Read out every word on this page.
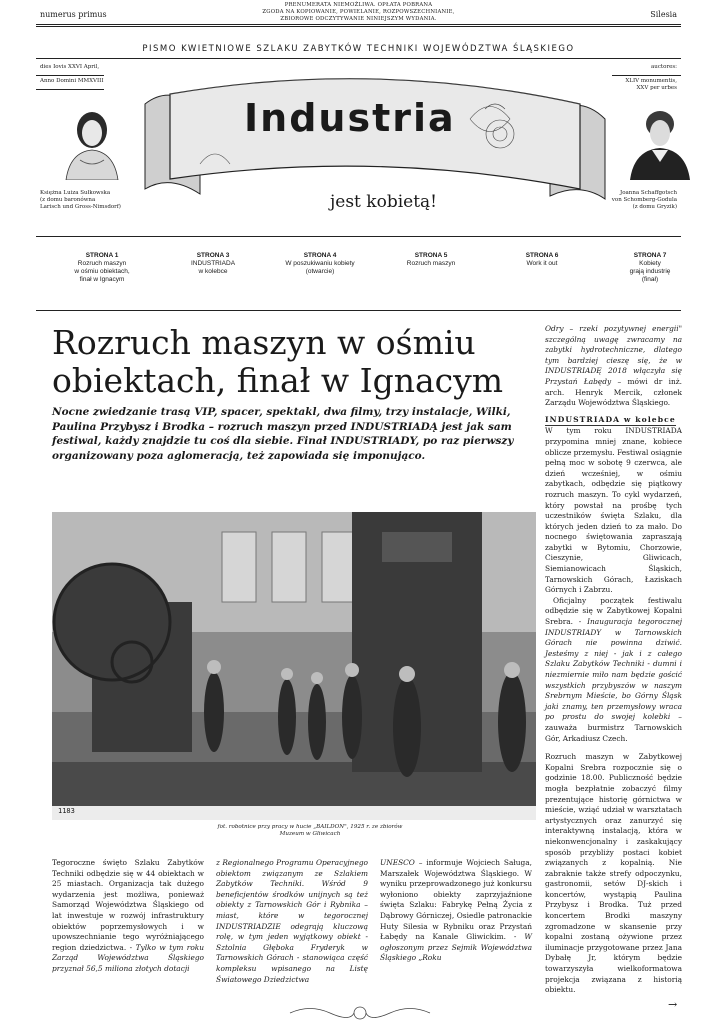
numerus primus	Silesia
PRENUMERATA NIEMOŻLIWA. OPŁATA POBRANA
ZGODA NA KOPIOWANIE, POWIELANIE, ROZPOWSZECHNIANIE,
ZBIOROWE ODCZYTYWANIE NINIEJSZYM WYDANIA.
PISMO KWIETNIOWE SZLAKU ZABYTKÓW TECHNIKI WOJEWÓDZTWA ŚLĄSKIEGO
dies Iovis XXVI April,
Anno Domini MMXVIII
auctores:
XLIV monumentis,
XXV per urbes
Księżna Luiza Sułkowska
(z domu baronówna
Larisch und Gross-Nimsdorf)
Joanna Schaffgotsch
von Schomberg-Godula
(z domu Gryzik)
Industria
jest kobietą!
STRONA 1
Rozruch maszyn
w ośmiu obiektach,
finał w Ignacym
STRONA 3
INDUSTRIADA
w kolebce
STRONA 4
W poszukiwaniu kobiety
(otwarcie)
STRONA 5
Rozruch maszyn
STRONA 6
Work it out
STRONA 7
Kobiety
grają industrię
(finał)
Rozruch maszyn w ośmiu obiektach, finał w Ignacym
Nocne zwiedzanie trasą VIP, spacer, spektakl, dwa filmy, trzy instalacje, Wilki, Paulina Przybysz i Brodka – rozruch maszyn przed INDUSTRIADĄ jest jak sam festiwal, każdy znajdzie tu coś dla siebie. Finał INDUSTRIADY, po raz pierwszy organizowany poza aglomeracją, też zapowiada się imponująco.
1183
fot. robotnice przy pracy w hucie „BAILDON", 1925 r. ze zbiorów Muzeum w Gliwicach
Tegoroczne święto Szlaku Zabytków Techniki odbędzie się w 44 obiektach w 25 miastach. Organizacja tak dużego wydarzenia jest możliwa, ponieważ Samorząd Województwa Śląskiego od lat inwestuje w rozwój infrastruktury obiektów poprzemysłowych i w upowszechnianie tego wyróżniającego region dziedzictwa. - Tylko w tym roku Zarząd Województwa Śląskiego przyznał 56,5 miliona złotych dotacji
z Regionalnego Programu Operacyjnego obiektom związanym ze Szlakiem Zabytków Techniki. Wśród 9 beneficjentów środków unijnych są też obiekty z Tarnowskich Gór i Rybnika – miast, które w tegorocznej INDUSTRIADZIE odegrają kluczową rolę, w tym jeden wyjątkowy obiekt - Sztolnia Głęboka Fryderyk w Tarnowskich Górach - stanowiąca część kompleksu wpisanego na Listę Światowego Dziedzictwa
UNESCO – informuje Wojciech Saługa, Marszałek Województwa Śląskiego. W wyniku przeprowadzonego już konkursu wyłoniono obiekty zaprzyjaźnione święta Szlaku: Fabrykę Pełną Życia z Dąbrowy Górniczej, Osiedle patronackie Huty Silesia w Rybniku oraz Przystań Łabędy na Kanale Gliwickim. - W ogłoszonym przez Sejmik Województwa Śląskiego „Roku
Odry – rzeki pozytywnej energii" szczególną uwagę zwracamy na zabytki hydrotechniczne, dlatego tym bardziej cieszę się, że w INDUSTRIADĘ 2018 włączyła się Przystań Łabędy – mówi dr inż. arch. Henryk Mercik, członek Zarządu Województwa Śląskiego.
INDUSTRIADA w kolebce
W tym roku INDUSTRIADA przypomina mniej znane, kobiece oblicze przemysłu. Festiwal osiągnie pełną moc w sobotę 9 czerwca, ale dzień wcześniej, w ośmiu zabytkach, odbędzie się piątkowy rozruch maszyn. To cykl wydarzeń, który powstał na prośbę tych uczestników święta Szlaku, dla których jeden dzień to za mało. Do nocnego świętowania zapraszają zabytki w Bytomiu, Chorzowie, Cieszynie, Gliwicach, Siemianowicach Śląskich, Tarnowskich Górach, Łaziskach Górnych i Zabrzu.
Oficjalny początek festiwalu odbędzie się w Zabytkowej Kopalni Srebra. - Inauguracja tegorocznej INDUSTRIADY w Tarnowskich Górach nie powinna dziwić. Jesteśmy z niej - jak i z całego Szlaku Zabytków Techniki - dumni i niezmiernie miło nam będzie gościć wszystkich przybyszów w naszym Srebrnym Mieście, bo Górny Śląsk jaki znamy, ten przemysłowy wraca po prostu do swojej kolebki – zauważa burmistrz Tarnowskich Gór, Arkadiusz Czech.
Rozruch maszyn w Zabytkowej Kopalni Srebra rozpocznie się o godzinie 18.00. Publiczność będzie mogła bezpłatnie zobaczyć filmy prezentujące historię górnictwa w mieście, wziąć udział w warsztatach artystycznych oraz zanurzyć się interaktywną instalacją, która w niekonwencjonalny i zaskakujący sposób przybliży postaci kobiet związanych z kopalnią. Nie zabraknie także strefy odpoczynku, gastronomii, setów DJ-skich i koncertów, wystąpią Paulina Przybysz i Brodka. Tuż przed koncertem Brodki maszyny zgromadzone w skansenie przy kopalni zostaną ożywione przez iluminacje przygotowane przez Jana Dybałę Jr, którym będzie towarzyszyła wielkoformatowa projekcja związana z historią obiektu.
→
